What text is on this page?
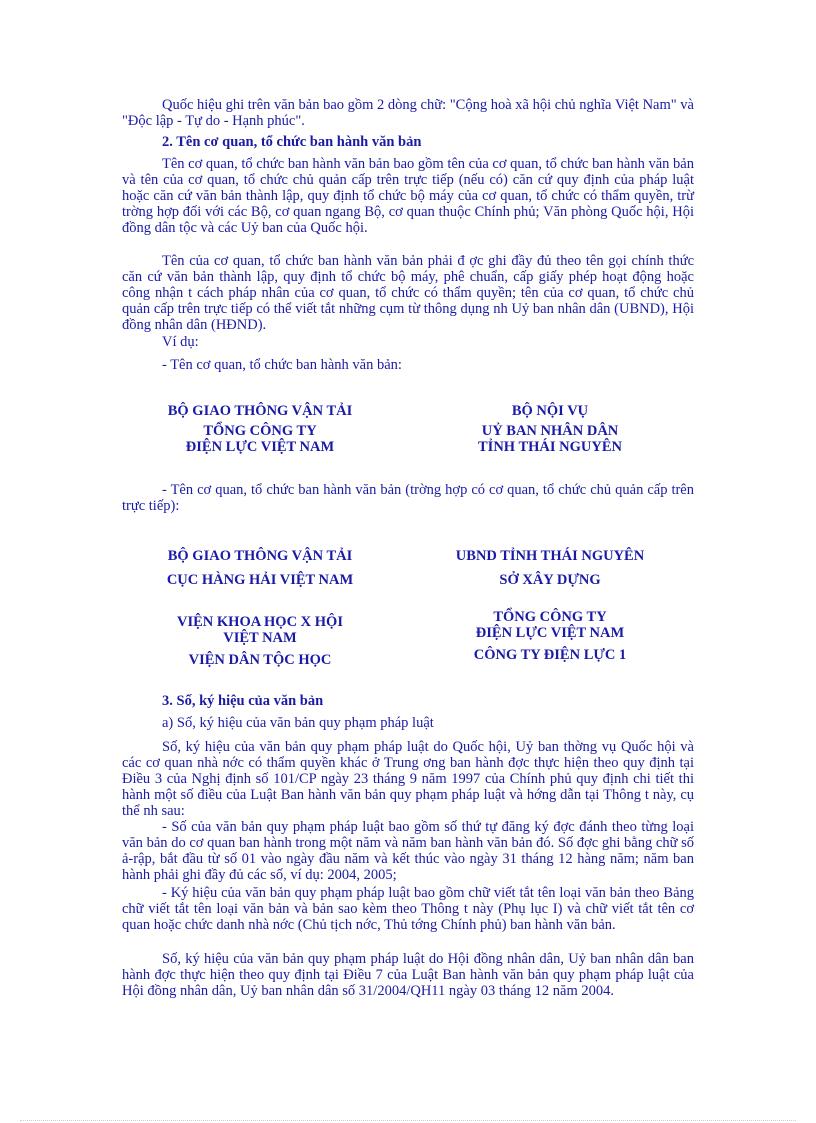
Quốc hiệu ghi trên văn bản bao gồm 2 dòng chữ: "Cộng hoà xã hội chủ nghĩa Việt Nam" và "Độc lập - Tự do - Hạnh phúc".

2. Tên cơ quan, tổ chức ban hành văn bản

Tên cơ quan, tổ chức ban hành văn bản bao gồm tên của cơ quan, tổ chức ban hành văn bản và tên của cơ quan, tổ chức chủ quản cấp trên trực tiếp (nếu có) căn cứ quy định của pháp luật hoặc căn cứ văn bản thành lập, quy định tổ chức bộ máy của cơ quan, tổ chức có thẩm quyền, trừ trờng hợp đối với các Bộ, cơ quan ngang Bộ, cơ quan thuộc Chính phủ; Văn phòng Quốc hội, Hội đồng dân tộc và các Uỷ ban của Quốc hội.

Tên của cơ quan, tổ chức ban hành văn bản phải đ ợc ghi đầy đủ theo tên gọi chính thức căn cứ văn bản thành lập, quy định tổ chức bộ máy, phê chuẩn, cấp giấy phép hoạt động hoặc công nhận t cách pháp nhân của cơ quan, tổ chức có thẩm quyền; tên của cơ quan, tổ chức chủ quản cấp trên trực tiếp có thể viết tắt những cụm từ thông dụng nh Uỷ ban nhân dân (UBND), Hội đồng nhân dân (HĐND).

Ví dụ:

- Tên cơ quan, tổ chức ban hành văn bản:

BỘ GIAO THÔNG VẬN TẢI
TỔNG CÔNG TY
ĐIỆN LỰC VIỆT NAM
BỘ NỘI VỤ
UỶ BAN NHÂN DÂN
TỈNH THÁI NGUYÊN

- Tên cơ quan, tổ chức ban hành văn bản (trờng hợp có cơ quan, tổ chức chủ quản cấp trên trực tiếp):

BỘ GIAO THÔNG VẬN TẢI
CỤC HÀNG HẢI VIỆT NAM
UBND TỈNH THÁI NGUYÊN
SỞ XÂY DỰNG
VIỆN KHOA HỌC X HỘI
VIỆT NAM
VIỆN DÂN TỘC HỌC
TỔNG CÔNG TY
ĐIỆN LỰC VIỆT NAM
CÔNG TY ĐIỆN LỰC 1

3. Số, ký hiệu của văn bản

a) Số, ký hiệu của văn bản quy phạm pháp luật

Số, ký hiệu của văn bản quy phạm pháp luật do Quốc hội, Uỷ ban thờng vụ Quốc hội và các cơ quan nhà nớc có thẩm quyền khác ở Trung ơng ban hành đợc thực hiện theo quy định tại Điều 3 của Nghị định số 101/CP ngày 23 tháng 9 năm 1997 của Chính phủ quy định chi tiết thi hành một số điều của Luật Ban hành văn bản quy phạm pháp luật và hớng dẫn tại Thông t này, cụ thể nh sau:

- Số của văn bản quy phạm pháp luật bao gồm số thứ tự đăng ký đợc đánh theo từng loại văn bản do cơ quan ban hành trong một năm và năm ban hành văn bản đó. Số đợc ghi bằng chữ số ả-rập, bắt đầu từ số 01 vào ngày đầu năm và kết thúc vào ngày 31 tháng 12 hàng năm; năm ban hành phải ghi đầy đủ các số, ví dụ: 2004, 2005;

- Ký hiệu của văn bản quy phạm pháp luật bao gồm chữ viết tắt tên loại văn bản theo Bảng chữ viết tắt tên loại văn bản và bản sao kèm theo Thông t này (Phụ lục I) và chữ viết tắt tên cơ quan hoặc chức danh nhà nớc (Chủ tịch nớc, Thủ tớng Chính phủ) ban hành văn bản.

Số, ký hiệu của văn bản quy phạm pháp luật do Hội đồng nhân dân, Uỷ ban nhân dân ban hành đợc thực hiện theo quy định tại Điều 7 của Luật Ban hành văn bản quy phạm pháp luật của Hội đồng nhân dân, Uỷ ban nhân dân số 31/2004/QH11 ngày 03 tháng 12 năm 2004.
